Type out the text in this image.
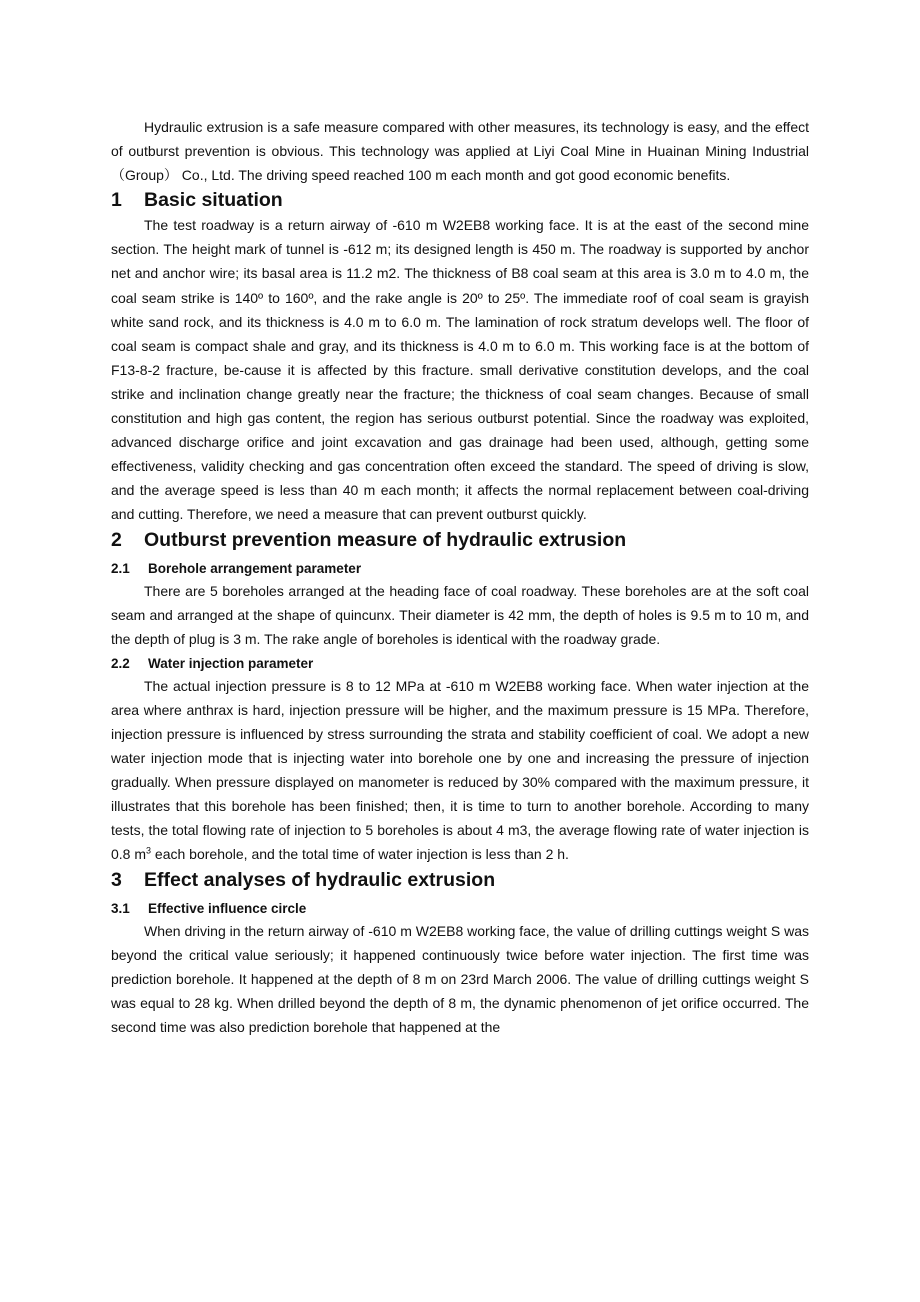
Hydraulic extrusion is a safe measure compared with other measures, its technology is easy, and the effect of outburst prevention is obvious. This technology was applied at Liyi Coal Mine in Huainan Mining Industrial （Group） Co., Ltd. The driving speed reached 100 m each month and got good economic benefits.

1	Basic situation

The test roadway is a return airway of -610 m W2EB8 working face. It is at the east of the second mine section. The height mark of tunnel is -612 m; its designed length is 450 m. The roadway is supported by anchor net and anchor wire; its basal area is 11.2 m2. The thickness of B8 coal seam at this area is 3.0 m to 4.0 m, the coal seam strike is 140º to 160º, and the rake angle is 20º to 25º. The immediate roof of coal seam is grayish white sand rock, and its thickness is 4.0 m to 6.0 m. The lamination of rock stratum develops well. The floor of coal seam is compact shale and gray, and its thickness is 4.0 m to 6.0 m. This working face is at the bottom of F13-8-2 fracture, be-cause it is affected by this fracture. small derivative constitution develops, and the coal strike and inclination change greatly near the fracture; the thickness of coal seam changes. Because of small constitution and high gas content, the region has serious outburst potential. Since the roadway was exploited, advanced discharge orifice and joint excavation and gas drainage had been used, although, getting some effectiveness, validity checking and gas concentration often exceed the standard. The speed of driving is slow, and the average speed is less than 40 m each month; it affects the normal replacement between coal-driving and cutting. Therefore, we need a measure that can prevent outburst quickly.

2	Outburst prevention measure of hydraulic extrusion
2.1	Borehole arrangement parameter

There are 5 boreholes arranged at the heading face of coal roadway. These boreholes are at the soft coal seam and arranged at the shape of quincunx. Their diameter is 42 mm, the depth of holes is 9.5 m to 10 m, and the depth of plug is 3 m. The rake angle of boreholes is identical with the roadway grade.

2.2	Water injection parameter

The actual injection pressure is 8 to 12 MPa at -610 m W2EB8 working face. When water injection at the area where anthrax is hard, injection pressure will be higher, and the maximum pressure is 15 MPa. Therefore, injection pressure is influenced by stress surrounding the strata and stability coefficient of coal. We adopt a new water injection mode that is injecting water into borehole one by one and increasing the pressure of injection gradually. When pressure displayed on manometer is reduced by 30% compared with the maximum pressure, it illustrates that this borehole has been finished; then, it is time to turn to another borehole. According to many tests, the total flowing rate of injection to 5 boreholes is about 4 m3, the average flowing rate of water injection is 0.8 $m^3$ each borehole, and the total time of water injection is less than 2 h.

3	Effect analyses of hydraulic extrusion
3.1	Effective influence circle

When driving in the return airway of -610 m W2EB8 working face, the value of drilling cuttings weight S was beyond the critical value seriously; it happened continuously twice before water injection. The first time was prediction borehole. It happened at the depth of 8 m on 23rd March 2006. The value of drilling cuttings weight S was equal to 28 kg. When drilled beyond the depth of 8 m, the dynamic phenomenon of jet orifice occurred. The second time was also prediction borehole that happened at the
